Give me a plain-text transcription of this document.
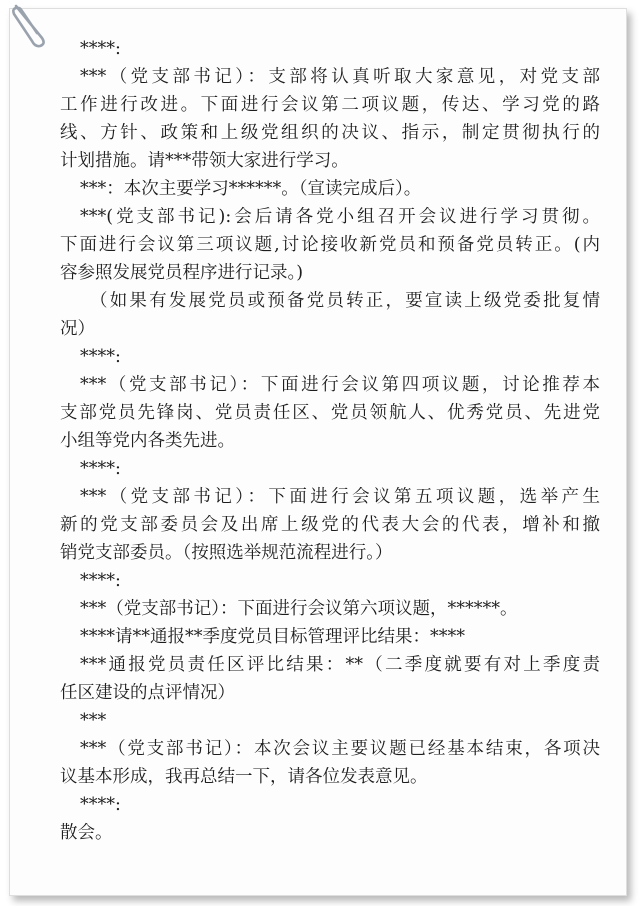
****:
***（党支部书记）：支部将认真听取大家意见，对党支部
工作进行改进。下面进行会议第二项议题，传达、学习党的路
线、方针、政策和上级党组织的决议、指示，制定贯彻执行的
计划措施。请***带领大家进行学习。
***：本次主要学习******。（宣读完成后）。
***(党支部书记):会后请各党小组召开会议进行学习贯彻。
下面进行会议第三项议题,讨论接收新党员和预备党员转正。(内
容参照发展党员程序进行记录。)
（如果有发展党员或预备党员转正，要宣读上级党委批复情
况）
****:
***（党支部书记）：下面进行会议第四项议题，讨论推荐本
支部党员先锋岗、党员责任区、党员领航人、优秀党员、先进党
小组等党内各类先进。
****:
***（党支部书记）：下面进行会议第五项议题，选举产生
新的党支部委员会及出席上级党的代表大会的代表，增补和撤
销党支部委员。（按照选举规范流程进行。）
****:
***（党支部书记）：下面进行会议第六项议题，******。
****请**通报**季度党员目标管理评比结果：****
***通报党员责任区评比结果：**（二季度就要有对上季度责
任区建设的点评情况）
***
***（党支部书记）：本次会议主要议题已经基本结束，各项决
议基本形成，我再总结一下，请各位发表意见。
****:
散会。
